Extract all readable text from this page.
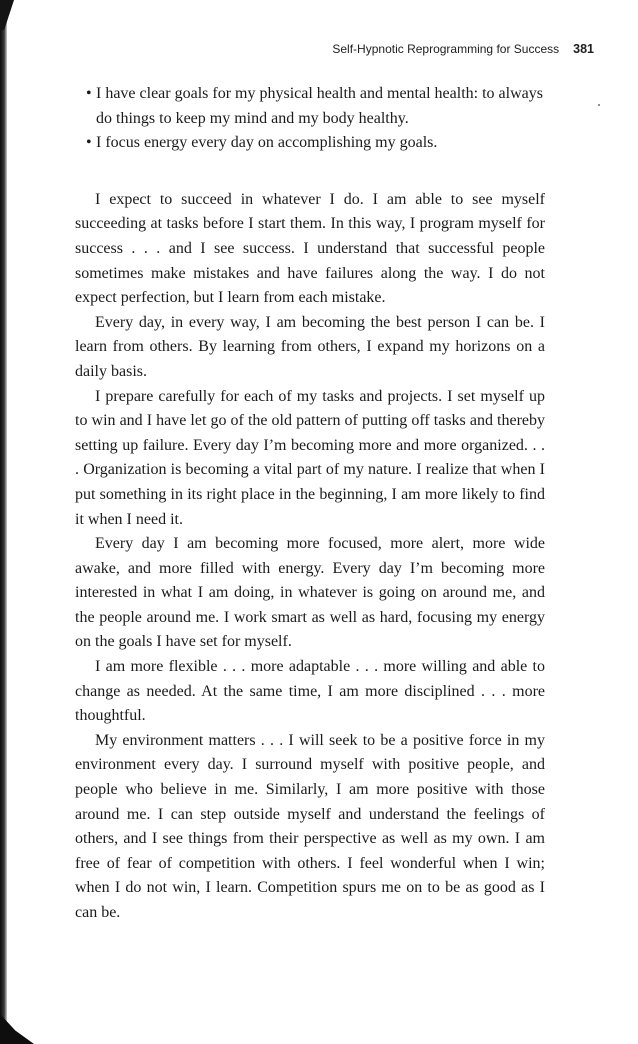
Self-Hypnotic Reprogramming for Success 381
• I have clear goals for my physical health and mental health: to always do things to keep my mind and my body healthy.
• I focus energy every day on accomplishing my goals.

I expect to succeed in whatever I do. I am able to see myself succeeding at tasks before I start them. In this way, I program myself for success . . . and I see success. I understand that successful people sometimes make mistakes and have failures along the way. I do not expect perfection, but I learn from each mistake.

Every day, in every way, I am becoming the best person I can be. I learn from others. By learning from others, I expand my horizons on a daily basis.

I prepare carefully for each of my tasks and projects. I set myself up to win and I have let go of the old pattern of putting off tasks and thereby setting up failure. Every day I’m becoming more and more organized. . . . Organization is becoming a vital part of my nature. I realize that when I put something in its right place in the beginning, I am more likely to find it when I need it.

Every day I am becoming more focused, more alert, more wide awake, and more filled with energy. Every day I’m becoming more interested in what I am doing, in whatever is going on around me, and the people around me. I work smart as well as hard, focusing my energy on the goals I have set for myself.

I am more flexible . . . more adaptable . . . more willing and able to change as needed. At the same time, I am more disciplined . . . more thoughtful.

My environment matters . . . I will seek to be a positive force in my environment every day. I surround myself with positive people, and people who believe in me. Similarly, I am more positive with those around me. I can step outside myself and understand the feelings of others, and I see things from their perspective as well as my own. I am free of fear of competition with others. I feel wonderful when I win; when I do not win, I learn. Competition spurs me on to be as good as I can be.
